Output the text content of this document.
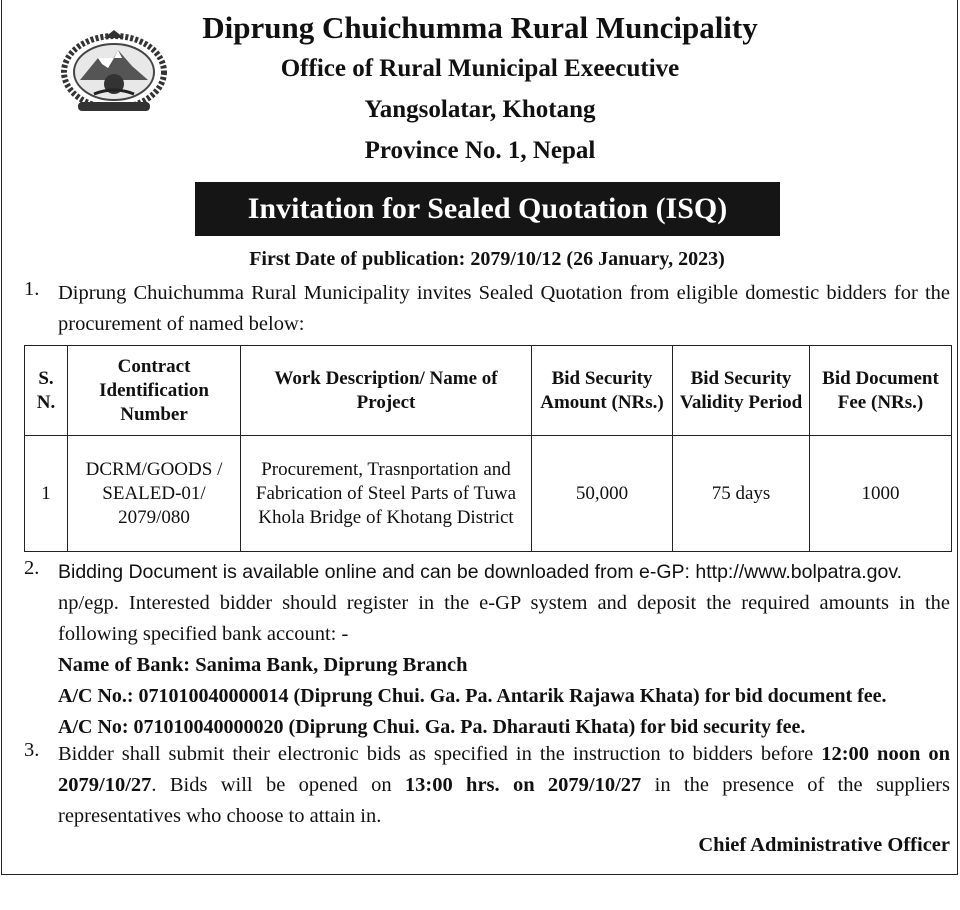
Diprung Chuichumma Rural Muncipality
Office of Rural Municipal Exeecutive
Yangsolatar, Khotang
Province No. 1, Nepal
Invitation for Sealed Quotation (ISQ)
First Date of publication: 2079/10/12 (26 January, 2023)
1. Diprung Chuichumma Rural Municipality invites Sealed Quotation from eligible domestic bidders for the procurement of named below:
S. N.	Contract Identification Number	Work Description/ Name of Project	Bid Security Amount (NRs.)	Bid Security Validity Period	Bid Document Fee (NRs.)
1	DCRM/GOODS / SEALED-01/ 2079/080	Procurement, Trasnportation and Fabrication of Steel Parts of Tuwa Khola Bridge of Khotang District	50,000	75 days	1000
2. Bidding Document is available online and can be downloaded from e-GP: http://www.bolpatra.gov.
np/egp. Interested bidder should register in the e-GP system and deposit the required amounts in the following specified bank account: -
Name of Bank: Sanima Bank, Diprung Branch
A/C No.: 071010040000014 (Diprung Chui. Ga. Pa. Antarik Rajawa Khata) for bid document fee.
A/C No: 071010040000020 (Diprung Chui. Ga. Pa. Dharauti Khata) for bid security fee.
3. Bidder shall submit their electronic bids as specified in the instruction to bidders before 12:00 noon on 2079/10/27. Bids will be opened on 13:00 hrs. on 2079/10/27 in the presence of the suppliers representatives who choose to attain in.
Chief Administrative Officer
